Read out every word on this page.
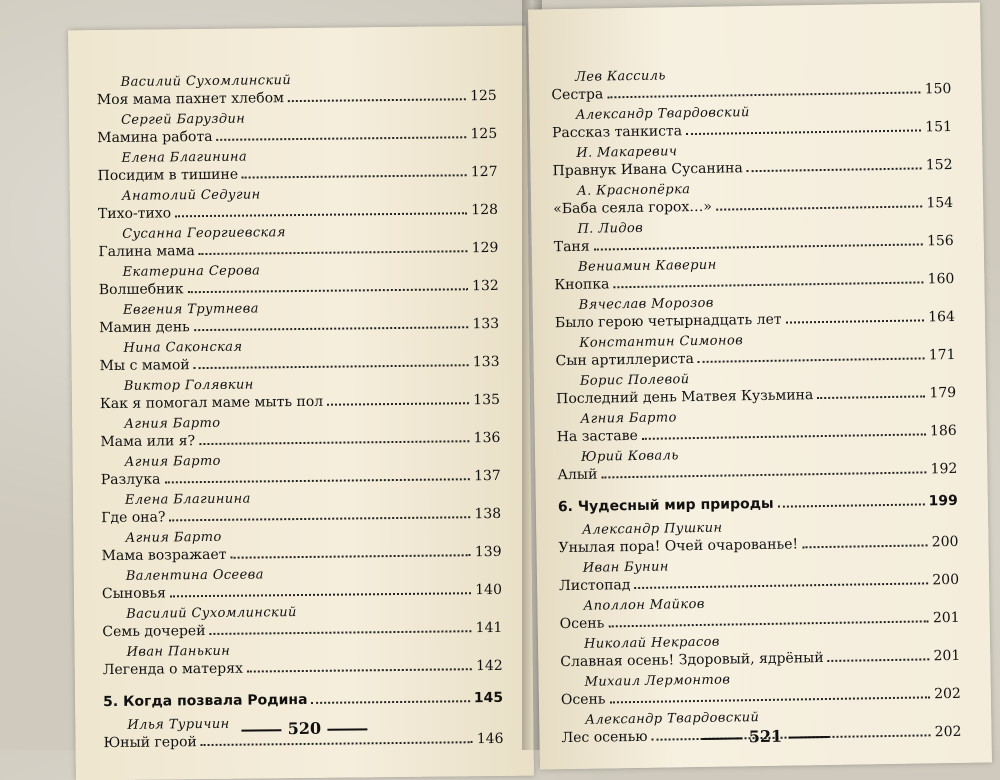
Василий Сухомлинский
Моя мама пахнет хлебом	125
Сергей Баруздин
Мамина работа	125
Елена Благинина
Посидим в тишине	127
Анатолий Седугин
Тихо-тихо	128
Сусанна Георгиевская
Галина мама	129
Екатерина Серова
Волшебник	132
Евгения Трутнева
Мамин день	133
Нина Саконская
Мы с мамой	133
Виктор Голявкин
Как я помогал маме мыть пол	135
Агния Барто
Мама или я?	136
Агния Барто
Разлука	137
Елена Благинина
Где она?	138
Агния Барто
Мама возражает	139
Валентина Осеева
Сыновья	140
Василий Сухомлинский
Семь дочерей	141
Иван Панькин
Легенда о матерях	142
5. Когда позвала Родина	145
Илья Туричин
Юный герой	146
520
Лев Кассиль
Сестра	150
Александр Твардовский
Рассказ танкиста	151
И. Макаревич
Правнук Ивана Сусанина	152
А. Краснопёрка
«Баба сеяла горох…»	154
П. Лидов
Таня	156
Вениамин Каверин
Кнопка	160
Вячеслав Морозов
Было герою четырнадцать лет	164
Константин Симонов
Сын артиллериста	171
Борис Полевой
Последний день Матвея Кузьмина	179
Агния Барто
На заставе	186
Юрий Коваль
Алый	192
6. Чудесный мир природы	199
Александр Пушкин
Унылая пора! Очей очарованье!	200
Иван Бунин
Листопад	200
Аполлон Майков
Осень	201
Николай Некрасов
Славная осень! Здоровый, ядрёный	201
Михаил Лермонтов
Осень	202
Александр Твардовский
Лес осенью	202
521
